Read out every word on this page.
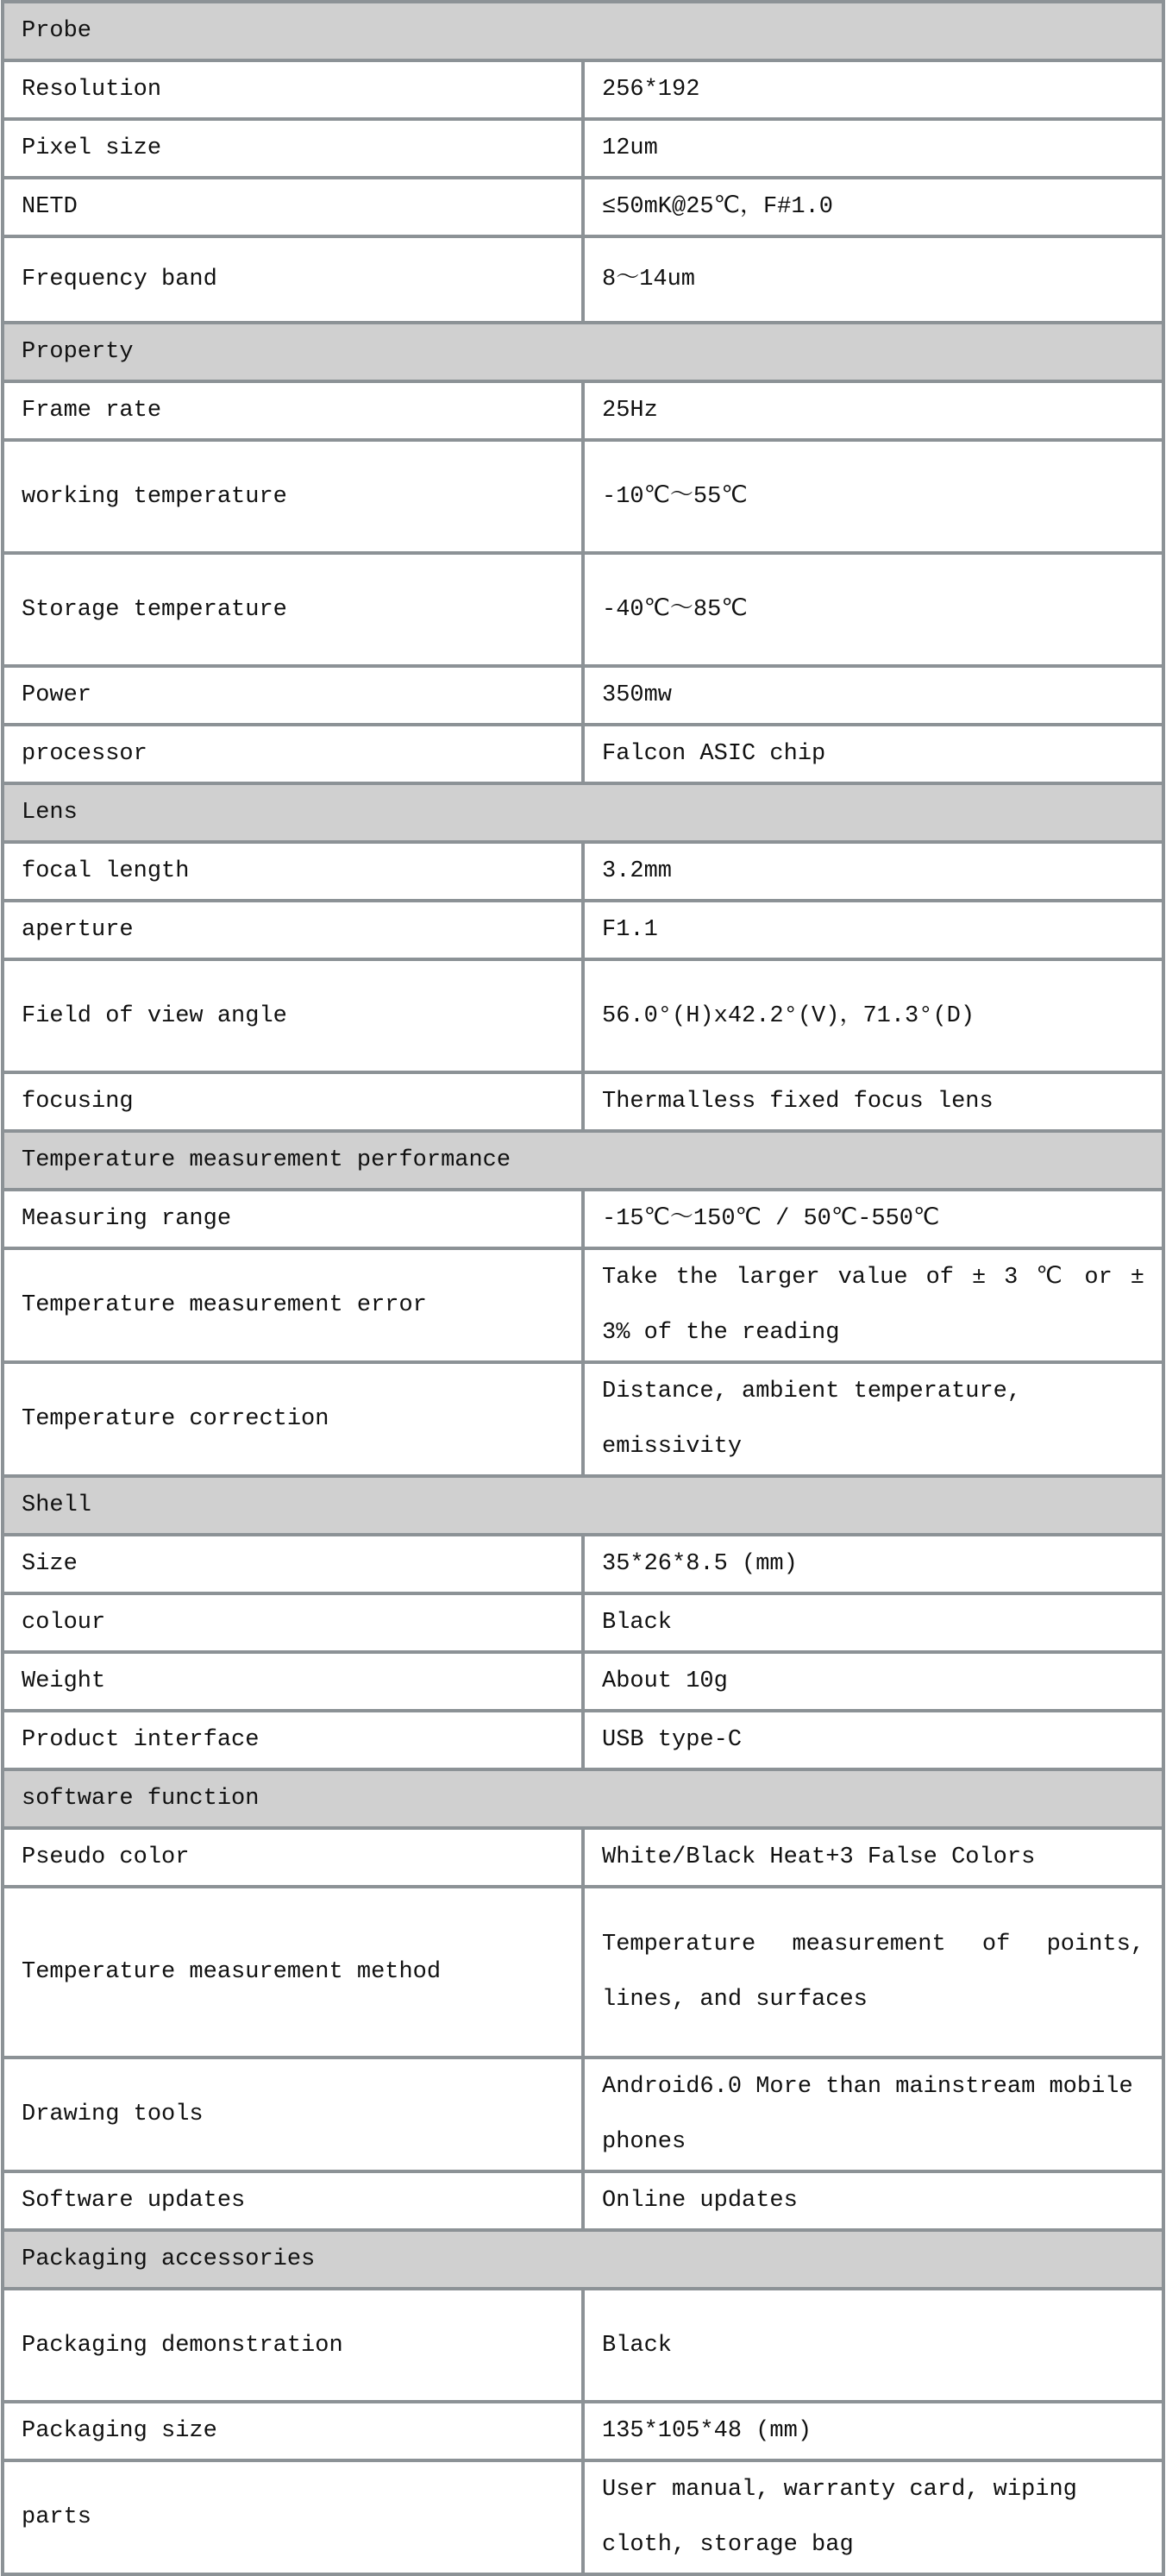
Probe	
Resolution	256*192
Pixel size	12um
NETD	≤50mK@25℃，F#1.0
Frequency band	8～14um
Property	
Frame rate	25Hz
working temperature	-10℃～55℃
Storage temperature	-40℃～85℃
Power	350mw
processor	Falcon ASIC chip
Lens	
focal length	3.2mm
aperture	F1.1
Field of view angle	56.0°(H)x42.2°(V)，71.3°(D)
focusing	Thermalless fixed focus lens
Temperature measurement performance	
Measuring range	-15℃～150℃ / 50℃-550℃
Temperature measurement error	Take the larger value of ± 3 ℃ or ± 3% of the reading
Temperature correction	Distance, ambient temperature, emissivity
Shell	
Size	35*26*8.5 (mm)
colour	Black
Weight	About 10g
Product interface	USB type-C
software function	
Pseudo color	White/Black Heat+3 False Colors
Temperature measurement method	Temperature measurement of points, lines, and surfaces
Drawing tools	Android6.0 More than mainstream mobile phones
Software updates	Online updates
Packaging accessories	
Packaging demonstration	Black
Packaging size	135*105*48 (mm)
parts	User manual, warranty card, wiping cloth, storage bag
